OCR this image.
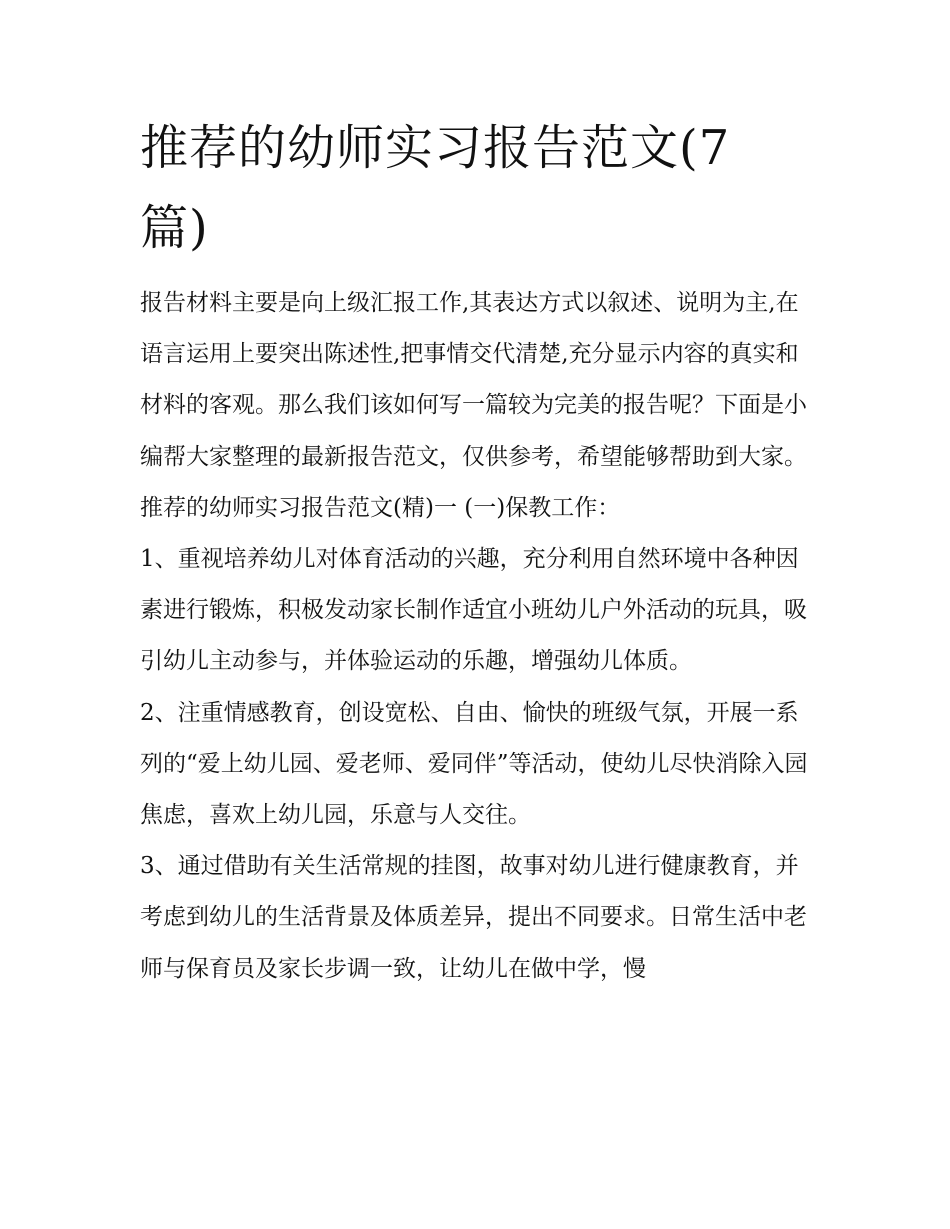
推荐的幼师实习报告范文(7篇)

报告材料主要是向上级汇报工作,其表达方式以叙述、说明为主,在语言运用上要突出陈述性,把事情交代清楚,充分显示内容的真实和材料的客观。那么我们该如何写一篇较为完美的报告呢？下面是小编帮大家整理的最新报告范文，仅供参考，希望能够帮助到大家。

推荐的幼师实习报告范文(精)一 (一)保教工作：

1、重视培养幼儿对体育活动的兴趣，充分利用自然环境中各种因素进行锻炼，积极发动家长制作适宜小班幼儿户外活动的玩具，吸引幼儿主动参与，并体验运动的乐趣，增强幼儿体质。

2、注重情感教育，创设宽松、自由、愉快的班级气氛，开展一系列的“爱上幼儿园、爱老师、爱同伴”等活动，使幼儿尽快消除入园焦虑，喜欢上幼儿园，乐意与人交往。

3、通过借助有关生活常规的挂图，故事对幼儿进行健康教育，并考虑到幼儿的生活背景及体质差异，提出不同要求。日常生活中老师与保育员及家长步调一致，让幼儿在做中学，慢
